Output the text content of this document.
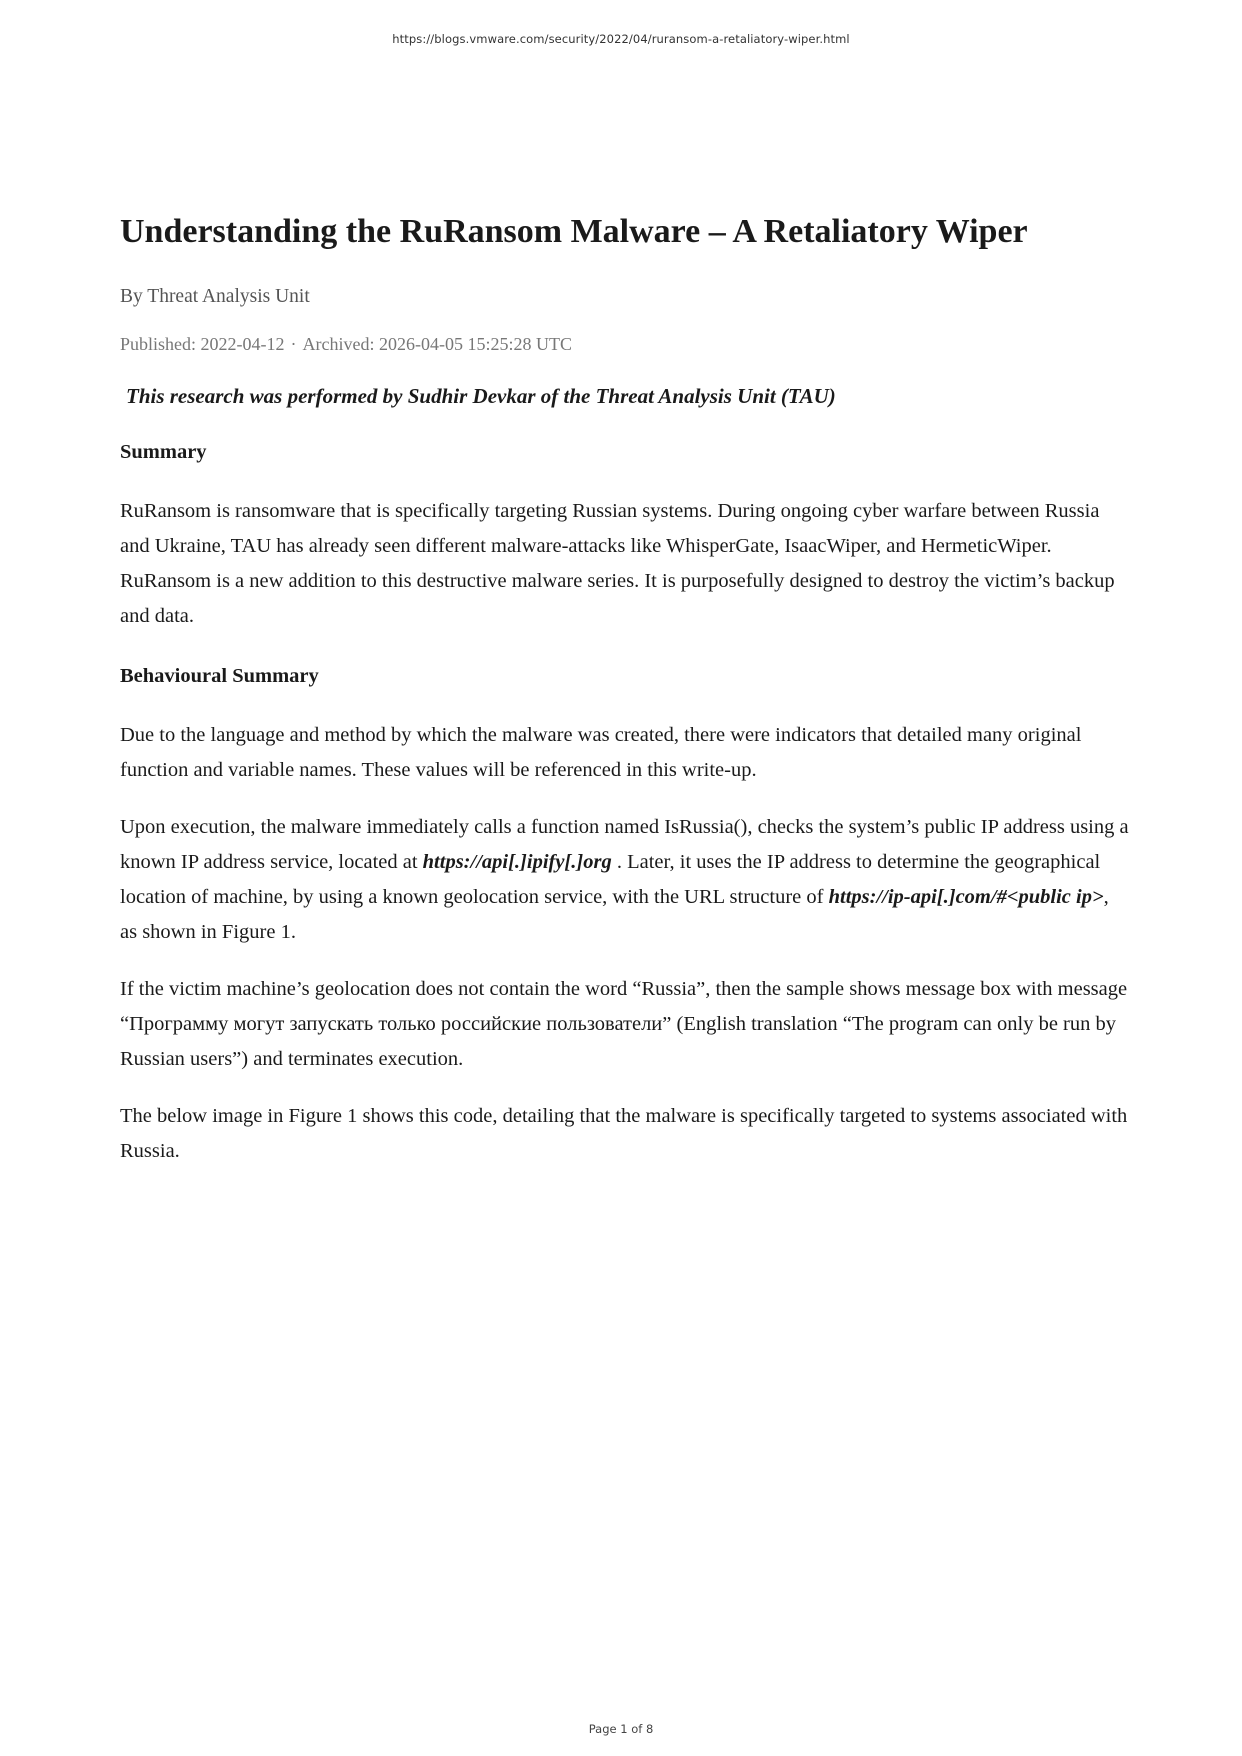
https://blogs.vmware.com/security/2022/04/ruransom-a-retaliatory-wiper.html
Understanding the RuRansom Malware – A Retaliatory Wiper
By Threat Analysis Unit
Published: 2022-04-12 · Archived: 2026-04-05 15:25:28 UTC
This research was performed by Sudhir Devkar of the Threat Analysis Unit (TAU)
Summary

RuRansom is ransomware that is specifically targeting Russian systems. During ongoing cyber warfare between Russia and Ukraine, TAU has already seen different malware-attacks like WhisperGate, IsaacWiper, and HermeticWiper. RuRansom is a new addition to this destructive malware series. It is purposefully designed to destroy the victim’s backup and data.

Behavioural Summary

Due to the language and method by which the malware was created, there were indicators that detailed many original function and variable names. These values will be referenced in this write-up.

Upon execution, the malware immediately calls a function named IsRussia(), checks the system’s public IP address using a known IP address service, located at https://api[.]ipify[.]org . Later, it uses the IP address to determine the geographical location of machine, by using a known geolocation service, with the URL structure of https://ip-api[.]com/#<public ip>, as shown in Figure 1.

If the victim machine’s geolocation does not contain the word “Russia”, then the sample shows message box with message “Программу могут запускать только российские пользователи” (English translation “The program can only be run by Russian users”) and terminates execution.

The below image in Figure 1 shows this code, detailing that the malware is specifically targeted to systems associated with Russia.

Page 1 of 8
